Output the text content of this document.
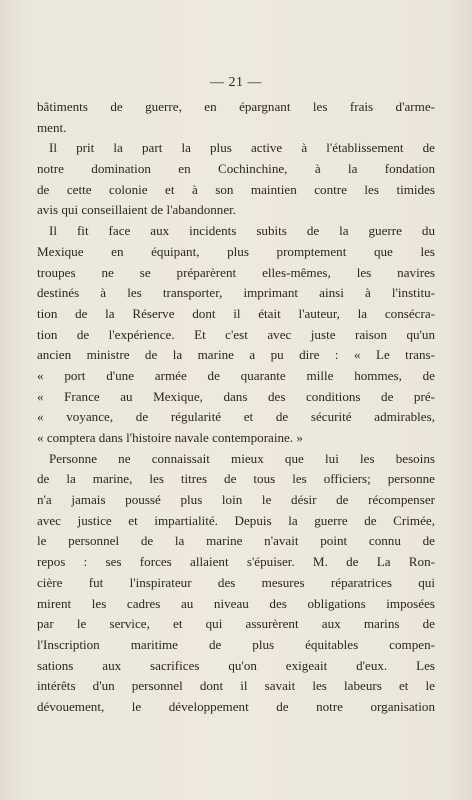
— 21 —
bâtiments de guerre, en épargnant les frais d'arme-
ment.
Il prit la part la plus active à l'établissement de
notre domination en Cochinchine, à la fondation
de cette colonie et à son maintien contre les timides
avis qui conseillaient de l'abandonner.
Il fit face aux incidents subits de la guerre du
Mexique en équipant, plus promptement que les
troupes ne se préparèrent elles-mêmes, les navires
destinés à les transporter, imprimant ainsi à l'institu-
tion de la Réserve dont il était l'auteur, la consécra-
tion de l'expérience. Et c'est avec juste raison qu'un
ancien ministre de la marine a pu dire : « Le trans-
« port d'une armée de quarante mille hommes, de
« France au Mexique, dans des conditions de pré-
« voyance, de régularité et de sécurité admirables,
« comptera dans l'histoire navale contemporaine. »
Personne ne connaissait mieux que lui les besoins
de la marine, les titres de tous les officiers; personne
n'a jamais poussé plus loin le désir de récompenser
avec justice et impartialité. Depuis la guerre de Crimée,
le personnel de la marine n'avait point connu de
repos : ses forces allaient s'épuiser. M. de La Ron-
cière fut l'inspirateur des mesures réparatrices qui
mirent les cadres au niveau des obligations imposées
par le service, et qui assurèrent aux marins de
l'Inscription maritime de plus équitables compen-
sations aux sacrifices qu'on exigeait d'eux. Les
intérêts d'un personnel dont il savait les labeurs et le
dévouement, le développement de notre organisation
